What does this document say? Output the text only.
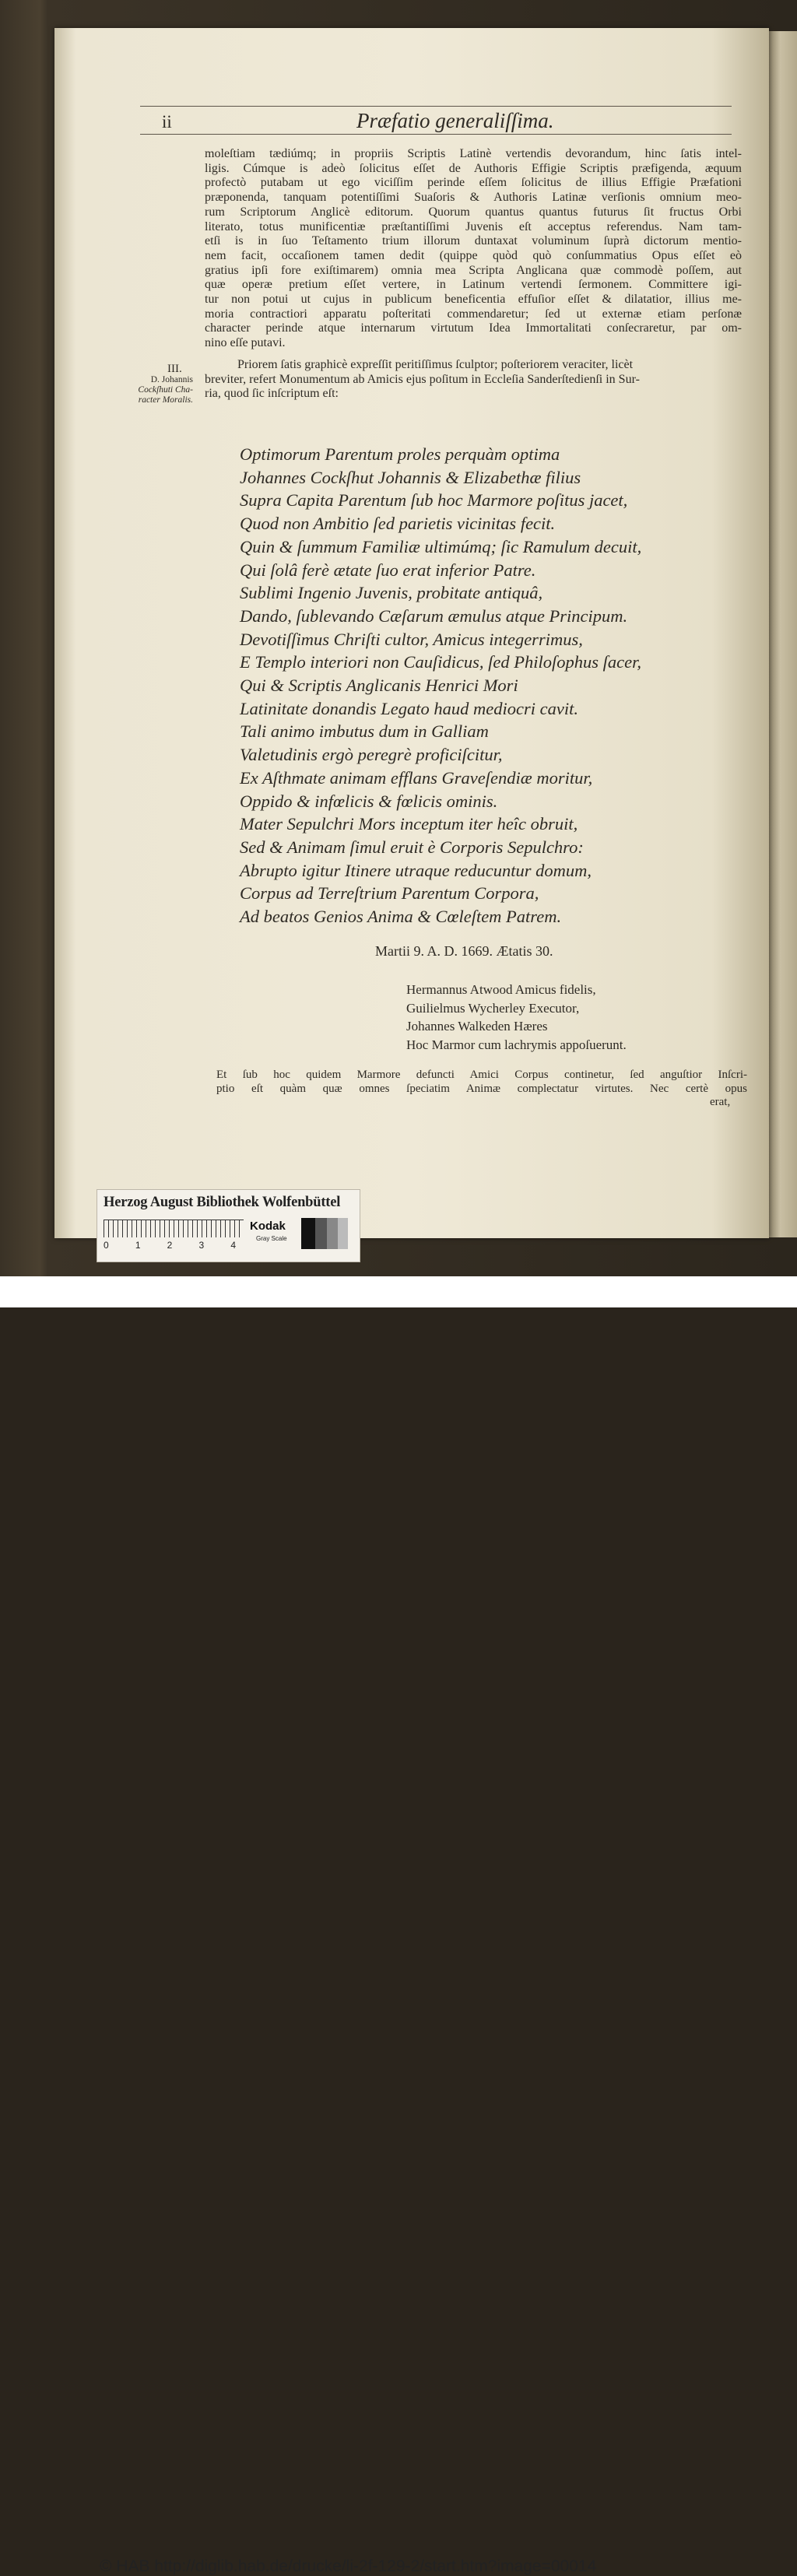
ii	Præfatio generaliſſima.
moleſtiam tædiúmq; in propriis Scriptis Latinè vertendis devorandum, hinc ſatis intel-
ligis. Cúmque is adeò ſolicitus eſſet de Authoris Effigie Scriptis præfigenda, æquum
profectò putabam ut ego viciſſim perinde eſſem ſolicitus de illius Effigie Præfationi
præponenda, tanquam potentiſſimi Suaſoris & Authoris Latinæ verſionis omnium meo-
rum Scriptorum Anglicè editorum. Quorum quantus quantus futurus ſit fructus Orbi
literato, totus munificentiæ præſtantiſſimi Juvenis eſt acceptus referendus. Nam tam-
etſi is in ſuo Teſtamento trium illorum duntaxat voluminum ſuprà dictorum mentio-
nem facit, occaſionem tamen dedit (quippe quòd quò conſummatius Opus eſſet eò
gratius ipſi fore exiſtimarem) omnia mea Scripta Anglicana quæ commodè poſſem, aut
quæ operæ pretium eſſet vertere, in Latinum vertendi ſermonem. Committere igi-
tur non potui ut cujus in publicum beneficentia effuſior eſſet & dilatatior, illius me-
moria contractiori apparatu poſteritati commendaretur; ſed ut externæ etiam perſonæ
character perinde atque internarum virtutum Idea Immortalitati conſecraretur, par om-
nino eſſe putavi.
III.
D. Johannis
Cockſhuti Cha-
racter Moralis.
Priorem ſatis graphicè expreſſit peritiſſimus ſculptor; poſteriorem veraciter, licèt
breviter, refert Monumentum ab Amicis ejus poſitum in Eccleſia Sanderſtedienſi in Sur-
ria, quod ſic inſcriptum eſt:
Optimorum Parentum proles perquàm optima
Johannes Cockſhut Johannis & Elizabethæ filius
Supra Capita Parentum ſub hoc Marmore poſitus jacet,
Quod non Ambitio ſed parietis vicinitas fecit.
Quin & ſummum Familiæ ultimúmq; ſic Ramulum decuit,
Qui ſolâ ferè ætate ſuo erat inferior Patre.
Sublimi Ingenio Juvenis, probitate antiquâ,
Dando, ſublevando Cæſarum æmulus atque Principum.
Devotiſſimus Chriſti cultor, Amicus integerrimus,
E Templo interiori non Cauſidicus, ſed Philoſophus ſacer,
Qui & Scriptis Anglicanis Henrici Mori
Latinitate donandis Legato haud mediocri cavit.
Tali animo imbutus dum in Galliam
Valetudinis ergò peregrè proficiſcitur,
Ex Aſthmate animam efflans Graveſendiæ moritur,
Oppido & infœlicis & fœlicis ominis.
Mater Sepulchri Mors inceptum iter heîc obruit,
Sed & Animam ſimul eruit è Corporis Sepulchro:
Abrupto igitur Itinere utraque reducuntur domum,
Corpus ad Terreſtrium Parentum Corpora,
Ad beatos Genios Anima & Cœleſtem Patrem.
Martii 9. A. D. 1669. Ætatis 30.
Hermannus Atwood Amicus fidelis,
Guilielmus Wycherley Executor,
Johannes Walkeden Hæres
Hoc Marmor cum lachrymis appoſuerunt.
Et ſub hoc quidem Marmore defuncti Amici Corpus continetur, ſed anguſtior Inſcri-
ptio eſt quàm quæ omnes ſpeciatim Animæ complectatur virtutes. Nec certè opus
erat,
Herzog August Bibliothek Wolfenbüttel
0	1	2	3	4
Kodak
Gray Scale
© HAB http://diglib.hab.de/drucke/li-2f-129-2/start.htm?image=00014
